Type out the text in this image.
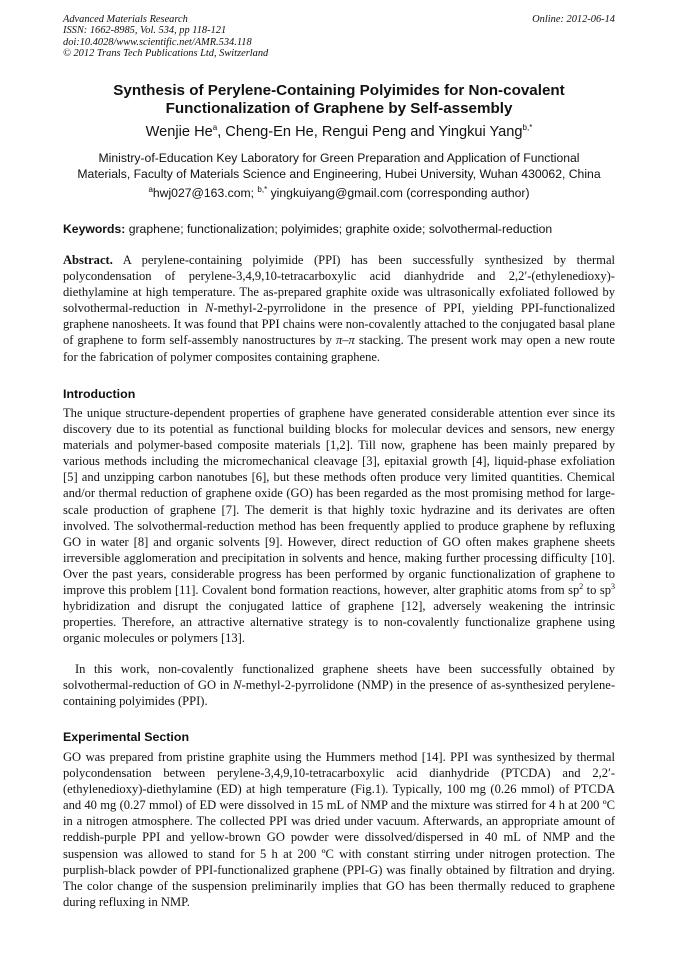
Advanced Materials Research
ISSN: 1662-8985, Vol. 534, pp 118-121
doi:10.4028/www.scientific.net/AMR.534.118
© 2012 Trans Tech Publications Ltd, Switzerland
Online: 2012-06-14
Synthesis of Perylene-Containing Polyimides for Non-covalent
Functionalization of Graphene by Self-assembly
Wenjie He$^a$, Cheng-En He, Rengui Peng and Yingkui Yang$^{b,*}$
Ministry-of-Education Key Laboratory for Green Preparation and Application of Functional
Materials, Faculty of Materials Science and Engineering, Hubei University, Wuhan 430062, China
$^a$hwj027@163.com; $^{b,*}$ yingkuiyang@gmail.com (corresponding author)
Keywords: graphene; functionalization; polyimides; graphite oxide; solvothermal-reduction
Abstract. A perylene-containing polyimide (PPI) has been successfully synthesized by thermal polycondensation of perylene-3,4,9,10-tetracarboxylic acid dianhydride and 2,2′-(ethylenedioxy)-diethylamine at high temperature. The as-prepared graphite oxide was ultrasonically exfoliated followed by solvothermal-reduction in N-methyl-2-pyrrolidone in the presence of PPI, yielding PPI-functionalized graphene nanosheets. It was found that PPI chains were non-covalently attached to the conjugated basal plane of graphene to form self-assembly nanostructures by π–π stacking. The present work may open a new route for the fabrication of polymer composites containing graphene.
Introduction
The unique structure-dependent properties of graphene have generated considerable attention ever since its discovery due to its potential as functional building blocks for molecular devices and sensors, new energy materials and polymer-based composite materials [1,2]. Till now, graphene has been mainly prepared by various methods including the micromechanical cleavage [3], epitaxial growth [4], liquid-phase exfoliation [5] and unzipping carbon nanotubes [6], but these methods often produce very limited quantities. Chemical and/or thermal reduction of graphene oxide (GO) has been regarded as the most promising method for large-scale production of graphene [7]. The demerit is that highly toxic hydrazine and its derivates are often involved. The solvothermal-reduction method has been frequently applied to produce graphene by refluxing GO in water [8] and organic solvents [9]. However, direct reduction of GO often makes graphene sheets irreversible agglomeration and precipitation in solvents and hence, making further processing difficulty [10]. Over the past years, considerable progress has been performed by organic functionalization of graphene to improve this problem [11]. Covalent bond formation reactions, however, alter graphitic atoms from $sp^2$ to $sp^3$ hybridization and disrupt the conjugated lattice of graphene [12], adversely weakening the intrinsic properties. Therefore, an attractive alternative strategy is to non-covalently functionalize graphene using organic molecules or polymers [13].
In this work, non-covalently functionalized graphene sheets have been successfully obtained by solvothermal-reduction of GO in N-methyl-2-pyrrolidone (NMP) in the presence of as-synthesized perylene-containing polyimides (PPI).
Experimental Section
GO was prepared from pristine graphite using the Hummers method [14]. PPI was synthesized by thermal polycondensation between perylene-3,4,9,10-tetracarboxylic acid dianhydride (PTCDA) and 2,2′-(ethylenedioxy)-diethylamine (ED) at high temperature (Fig.1). Typically, 100 mg (0.26 mmol) of PTCDA and 40 mg (0.27 mmol) of ED were dissolved in 15 mL of NMP and the mixture was stirred for 4 h at 200 ºC in a nitrogen atmosphere. The collected PPI was dried under vacuum. Afterwards, an appropriate amount of reddish-purple PPI and yellow-brown GO powder were dissolved/dispersed in 40 mL of NMP and the suspension was allowed to stand for 5 h at 200 ºC with constant stirring under nitrogen protection. The purplish-black powder of PPI-functionalized graphene (PPI-G) was finally obtained by filtration and drying. The color change of the suspension preliminarily implies that GO has been thermally reduced to graphene during refluxing in NMP.
